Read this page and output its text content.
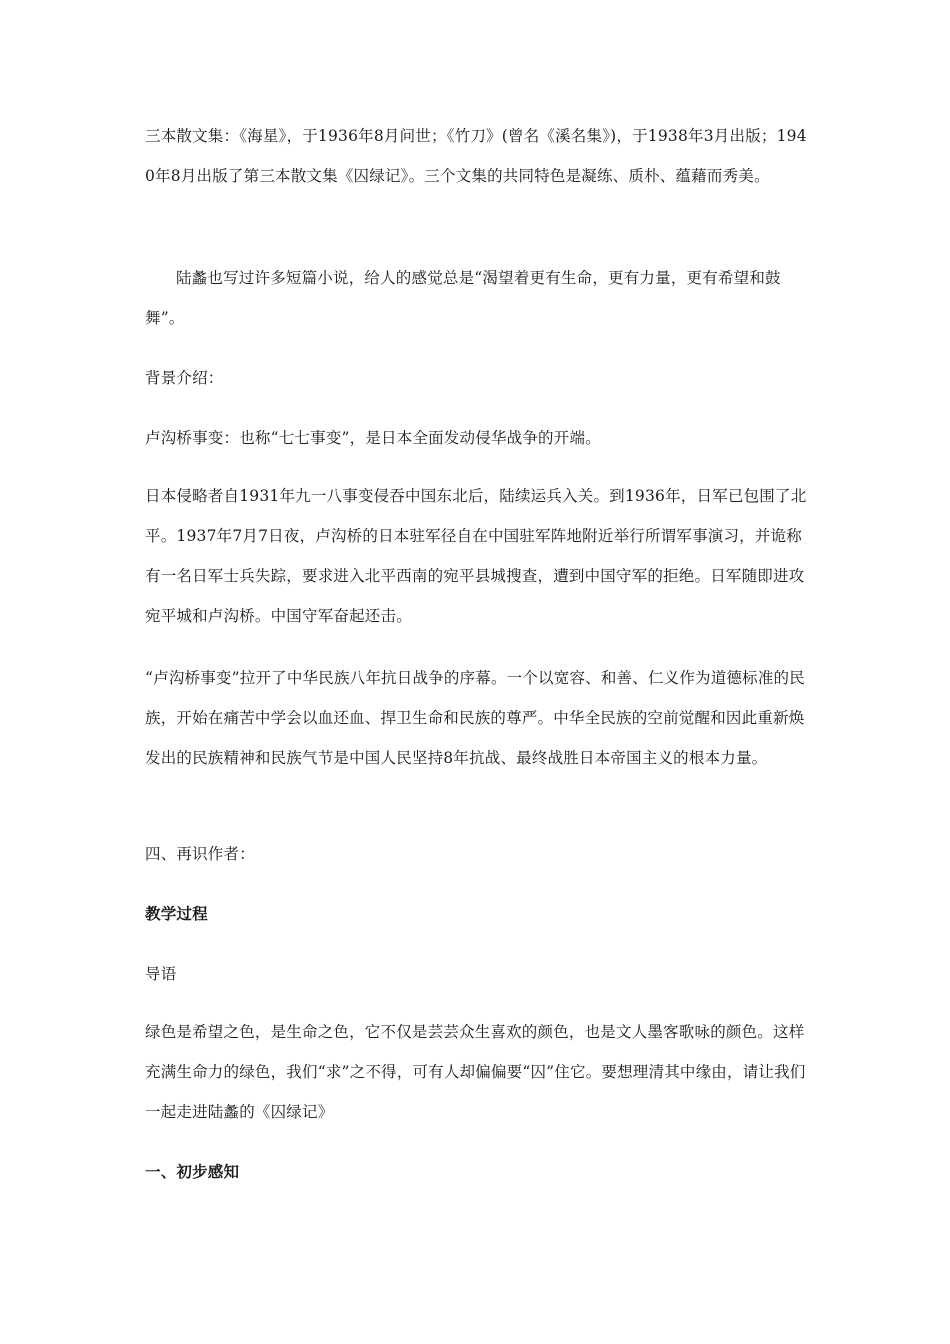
三本散文集：《海星》，于1936年8月问世；《竹刀》(曾名《溪名集》)，于1938年3月出版；1940年8月出版了第三本散文集《囚绿记》。三个文集的共同特色是凝练、质朴、蕴藉而秀美。

陆蠡也写过许多短篇小说，给人的感觉总是“渴望着更有生命，更有力量，更有希望和鼓舞”。

背景介绍：

卢沟桥事变：也称“七七事变”，是日本全面发动侵华战争的开端。

日本侵略者自1931年九一八事变侵吞中国东北后，陆续运兵入关。到1936年，日军已包围了北平。1937年7月7日夜，卢沟桥的日本驻军径自在中国驻军阵地附近举行所谓军事演习，并诡称有一名日军士兵失踪，要求进入北平西南的宛平县城搜查，遭到中国守军的拒绝。日军随即进攻宛平城和卢沟桥。中国守军奋起还击。

“卢沟桥事变”拉开了中华民族八年抗日战争的序幕。一个以宽容、和善、仁义作为道德标准的民族，开始在痛苦中学会以血还血、捍卫生命和民族的尊严。中华全民族的空前觉醒和因此重新焕发出的民族精神和民族气节是中国人民坚持8年抗战、最终战胜日本帝国主义的根本力量。

四、再识作者：

教学过程

导语

绿色是希望之色，是生命之色，它不仅是芸芸众生喜欢的颜色，也是文人墨客歌咏的颜色。这样充满生命力的绿色，我们“求”之不得，可有人却偏偏要“囚”住它。要想理清其中缘由，请让我们一起走进陆蠡的《囚绿记》

一、初步感知
